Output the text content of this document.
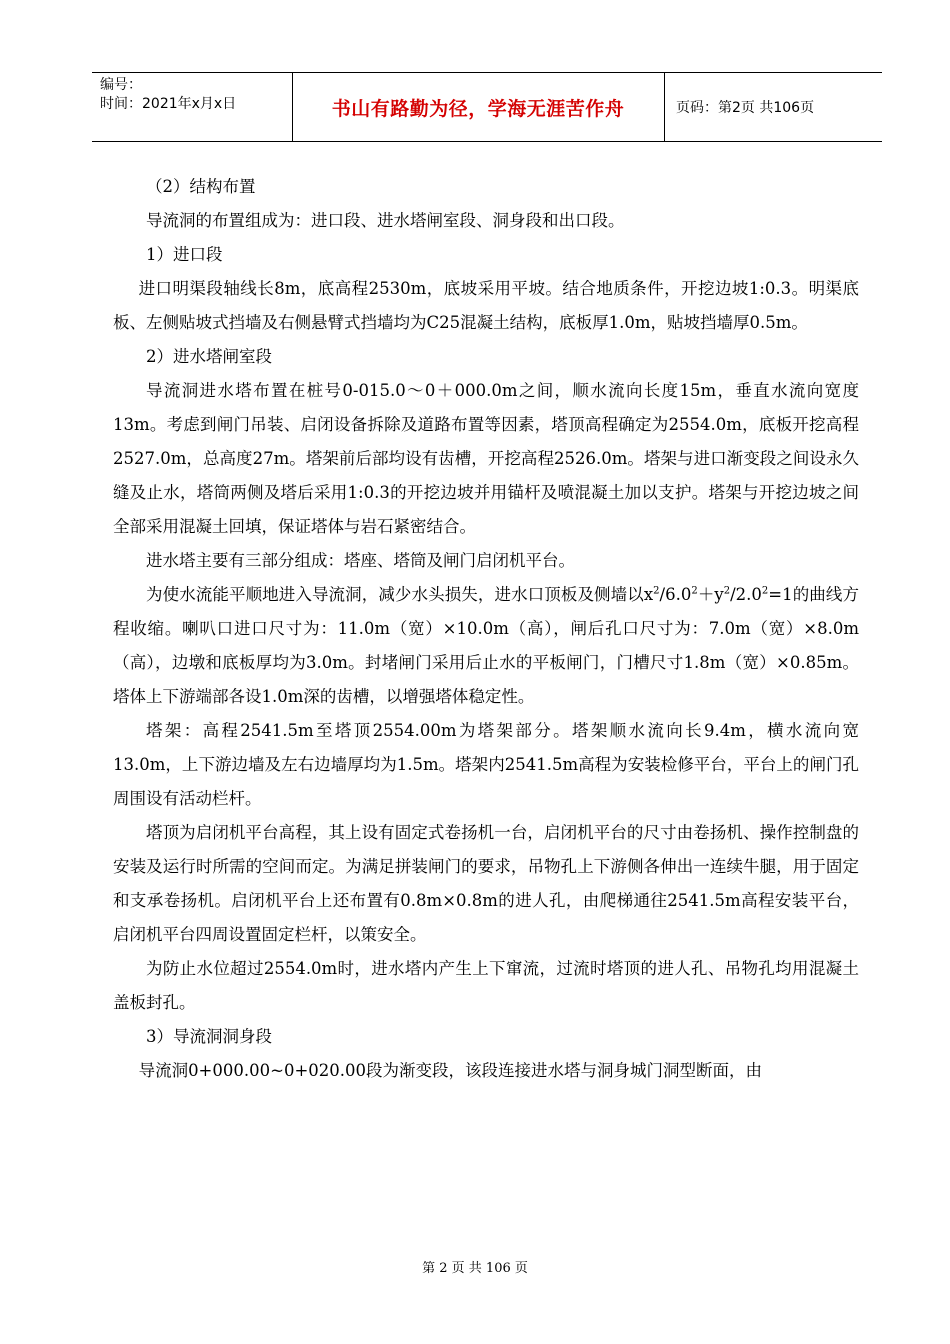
编号：
时间：2021年x月x日	书山有路勤为径，学海无涯苦作舟	页码：第2页 共106页

（2）结构布置

导流洞的布置组成为：进口段、进水塔闸室段、洞身段和出口段。

1）进口段

进口明渠段轴线长8m，底高程2530m，底坡采用平坡。结合地质条件，开挖边坡1:0.3。明渠底板、左侧贴坡式挡墙及右侧悬臂式挡墙均为C25混凝土结构，底板厚1.0m，贴坡挡墙厚0.5m。

2）进水塔闸室段

导流洞进水塔布置在桩号0-015.0～0＋000.0m之间，顺水流向长度15m，垂直水流向宽度13m。考虑到闸门吊装、启闭设备拆除及道路布置等因素，塔顶高程确定为2554.0m，底板开挖高程2527.0m，总高度27m。塔架前后部均设有齿槽，开挖高程2526.0m。塔架与进口渐变段之间设永久缝及止水，塔筒两侧及塔后采用1:0.3的开挖边坡并用锚杆及喷混凝土加以支护。塔架与开挖边坡之间全部采用混凝土回填，保证塔体与岩石紧密结合。

进水塔主要有三部分组成：塔座、塔筒及闸门启闭机平台。

为使水流能平顺地进入导流洞，减少水头损失，进水口顶板及侧墙以$x^2/6.0^2+y^2/2.0^2=1$的曲线方程收缩。喇叭口进口尺寸为：11.0m（宽）×10.0m（高），闸后孔口尺寸为：7.0m（宽）×8.0m（高），边墩和底板厚均为3.0m。封堵闸门采用后止水的平板闸门，门槽尺寸1.8m（宽）×0.85m。塔体上下游端部各设1.0m深的齿槽，以增强塔体稳定性。

塔架：高程2541.5m至塔顶2554.00m为塔架部分。塔架顺水流向长9.4m，横水流向宽13.0m，上下游边墙及左右边墙厚均为1.5m。塔架内2541.5m高程为安装检修平台，平台上的闸门孔周围设有活动栏杆。

塔顶为启闭机平台高程，其上设有固定式卷扬机一台，启闭机平台的尺寸由卷扬机、操作控制盘的安装及运行时所需的空间而定。为满足拼装闸门的要求，吊物孔上下游侧各伸出一连续牛腿，用于固定和支承卷扬机。启闭机平台上还布置有0.8m×0.8m的进人孔，由爬梯通往2541.5m高程安装平台，启闭机平台四周设置固定栏杆，以策安全。

为防止水位超过2554.0m时，进水塔内产生上下窜流，过流时塔顶的进人孔、吊物孔均用混凝土盖板封孔。

3）导流洞洞身段

导流洞0+000.00~0+020.00段为渐变段，该段连接进水塔与洞身城门洞型断面，由

第 2 页 共 106 页
